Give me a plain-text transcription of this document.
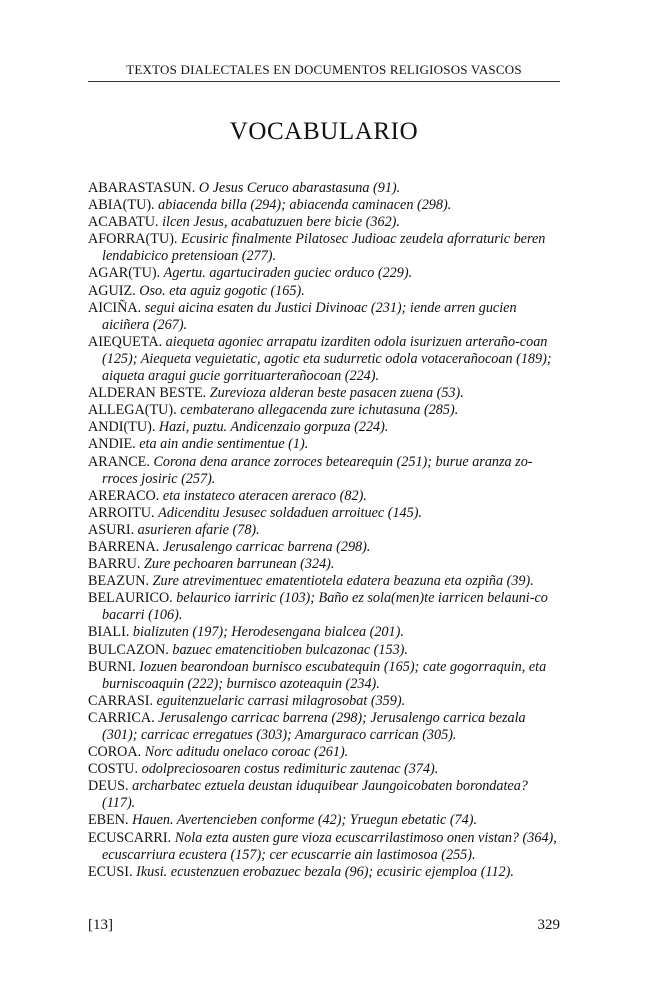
TEXTOS DIALECTALES EN DOCUMENTOS RELIGIOSOS VASCOS
VOCABULARIO

ABARASTASUN. O Jesus Ceruco abarastasuna (91).

ABIA(TU). abiacenda billa (294); abiacenda caminacen (298).

ACABATU. ilcen Jesus, acabatuzuen bere bicie (362).

AFORRA(TU). Ecusiric finalmente Pilatosec Judioac zeudela aforraturic beren lendabicico pretensioan (277).

AGAR(TU). Agertu. agartuciraden guciec orduco (229).

AGUIZ. Oso. eta aguiz gogotic (165).

AICIÑA. segui aicina esaten du Justici Divinoac (231); iende arren gucien aiciñera (267).

AIEQUETA. aiequeta agoniec arrapatu izarditen odola isurizuen arteraño-coan (125); Aiequeta veguietatic, agotic eta sudurretic odola votacerañocoan (189); aiqueta aragui gucie gorrituarterañocoan (224).

ALDERAN BESTE. Zurevioza alderan beste pasacen zuena (53).

ALLEGA(TU). cembaterano allegacenda zure ichutasuna (285).

ANDI(TU). Hazi, puztu. Andicenzaio gorpuza (224).

ANDIE. eta ain andie sentimentue (1).

ARANCE. Corona dena arance zorroces betearequin (251); burue aranza zo-rroces josiric (257).

ARERACO. eta instateco ateracen areraco (82).

ARROITU. Adicenditu Jesusec soldaduen arroituec (145).

ASURI. asurieren afarie (78).

BARRENA. Jerusalengo carricac barrena (298).

BARRU. Zure pechoaren barrunean (324).

BEAZUN. Zure atrevimentuec ematentiotela edatera beazuna eta ozpiña (39).

BELAURICO. belaurico iarriric (103); Baño ez sola(men)te iarricen belauni-co bacarri (106).

BIALI. bializuten (197); Herodesengana bialcea (201).

BULCAZON. bazuec ematencitioben bulcazonac (153).

BURNI. Iozuen bearondoan burnisco escubatequin (165); cate gogorraquin, eta burniscoaquin (222); burnisco azoteaquin (234).

CARRASI. eguitenzuelaric carrasi milagrosobat (359).

CARRICA. Jerusalengo carricac barrena (298); Jerusalengo carrica bezala (301); carricac erregatues (303); Amarguraco carrican (305).

COROA. Norc aditudu onelaco coroac (261).

COSTU. odolpreciosoaren costus redimituric zautenac (374).

DEUS. archarbatec eztuela deustan iduquibear Jaungoicobaten borondatea? (117).

EBEN. Hauen. Avertencieben conforme (42); Yruegun ebetatic (74).

ECUSCARRI. Nola ezta austen gure vioza ecuscarrilastimoso onen vistan? (364), ecuscarriura ecustera (157); cer ecuscarrie ain lastimosoa (255).

ECUSI. Ikusi. ecustenzuen erobazuec bezala (96); ecusiric ejemploa (112).

[13]	329
